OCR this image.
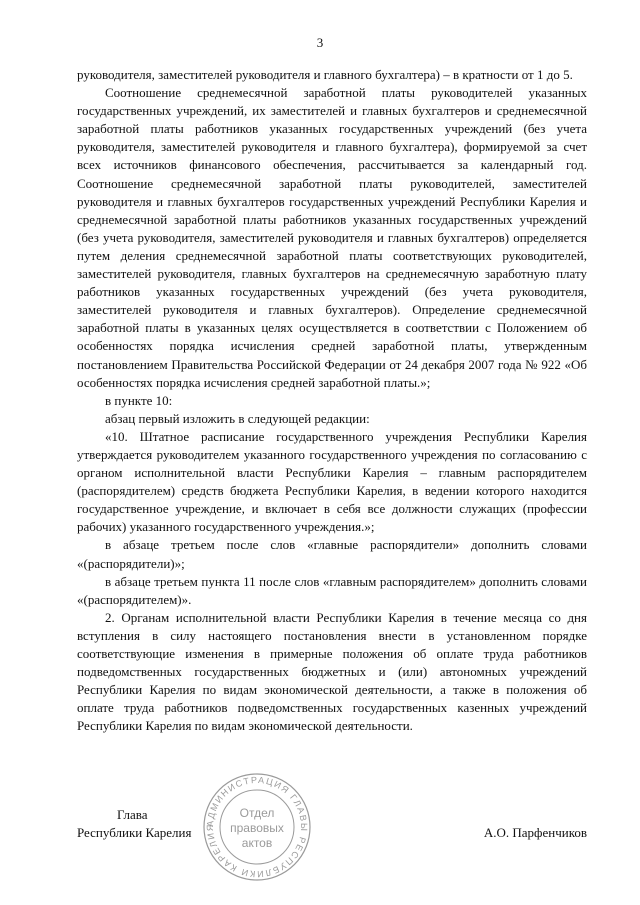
3

руководителя, заместителей руководителя и главного бухгалтера) – в кратности от 1 до 5.

Соотношение среднемесячной заработной платы руководителей указанных государственных учреждений, их заместителей и главных бухгалтеров и среднемесячной заработной платы работников указанных государственных учреждений (без учета руководителя, заместителей руководителя и главного бухгалтера), формируемой за счет всех источников финансового обеспечения, рассчитывается за календарный год. Соотношение среднемесячной заработной платы руководителей, заместителей руководителя и главных бухгалтеров государственных учреждений Республики Карелия и среднемесячной заработной платы работников указанных государственных учреждений (без учета руководителя, заместителей руководителя и главных бухгалтеров) определяется путем деления среднемесячной заработной платы соответствующих руководителей, заместителей руководителя, главных бухгалтеров на среднемесячную заработную плату работников указанных государственных учреждений (без учета руководителя, заместителей руководителя и главных бухгалтеров). Определение среднемесячной заработной платы в указанных целях осуществляется в соответствии с Положением об особенностях порядка исчисления средней заработной платы, утвержденным постановлением Правительства Российской Федерации от 24 декабря 2007 года № 922 «Об особенностях порядка исчисления средней заработной платы.»;

в пункте 10:

абзац первый изложить в следующей редакции:

«10. Штатное расписание государственного учреждения Республики Карелия утверждается руководителем указанного государственного учреждения по согласованию с органом исполнительной власти Республики Карелия – главным распорядителем (распорядителем) средств бюджета Республики Карелия, в ведении которого находится государственное учреждение, и включает в себя все должности служащих (профессии рабочих) указанного государственного учреждения.»;

в абзаце третьем после слов «главные распорядители» дополнить словами «(распорядители)»;

в абзаце третьем пункта 11 после слов «главным распорядителем» дополнить словами «(распорядителем)».

2. Органам исполнительной власти Республики Карелия в течение месяца со дня вступления в силу настоящего постановления внести в установленном порядке соответствующие изменения в примерные положения об оплате труда работников подведомственных государственных бюджетных и (или) автономных учреждений Республики Карелия по видам экономической деятельности, а также в положения об оплате труда работников подведомственных государственных казенных учреждений Республики Карелия по видам экономической деятельности.

Глава
Республики Карелия	А.О. Парфенчиков
АДМИНИСТРАЦИЯ ГЛАВЫ РЕСПУБЛИКИ КАРЕЛИЯ
Отдел
правовых
актов
